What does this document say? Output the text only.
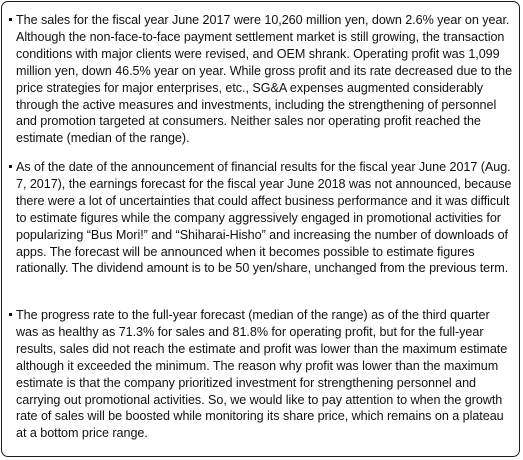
The sales for the fiscal year June 2017 were 10,260 million yen, down 2.6% year on year. Although the non-face-to-face payment settlement market is still growing, the transaction conditions with major clients were revised, and OEM shrank. Operating profit was 1,099 million yen, down 46.5% year on year. While gross profit and its rate decreased due to the price strategies for major enterprises, etc., SG&A expenses augmented considerably through the active measures and investments, including the strengthening of personnel and promotion targeted at consumers. Neither sales nor operating profit reached the estimate (median of the range).
As of the date of the announcement of financial results for the fiscal year June 2017 (Aug. 7, 2017), the earnings forecast for the fiscal year June 2018 was not announced, because there were a lot of uncertainties that could affect business performance and it was difficult to estimate figures while the company aggressively engaged in promotional activities for popularizing “Bus Mori!” and “Shiharai-Hisho” and increasing the number of downloads of apps. The forecast will be announced when it becomes possible to estimate figures rationally. The dividend amount is to be 50 yen/share, unchanged from the previous term.
The progress rate to the full-year forecast (median of the range) as of the third quarter was as healthy as 71.3% for sales and 81.8% for operating profit, but for the full-year results, sales did not reach the estimate and profit was lower than the maximum estimate although it exceeded the minimum. The reason why profit was lower than the maximum estimate is that the company prioritized investment for strengthening personnel and carrying out promotional activities. So, we would like to pay attention to when the growth rate of sales will be boosted while monitoring its share price, which remains on a plateau at a bottom price range.
